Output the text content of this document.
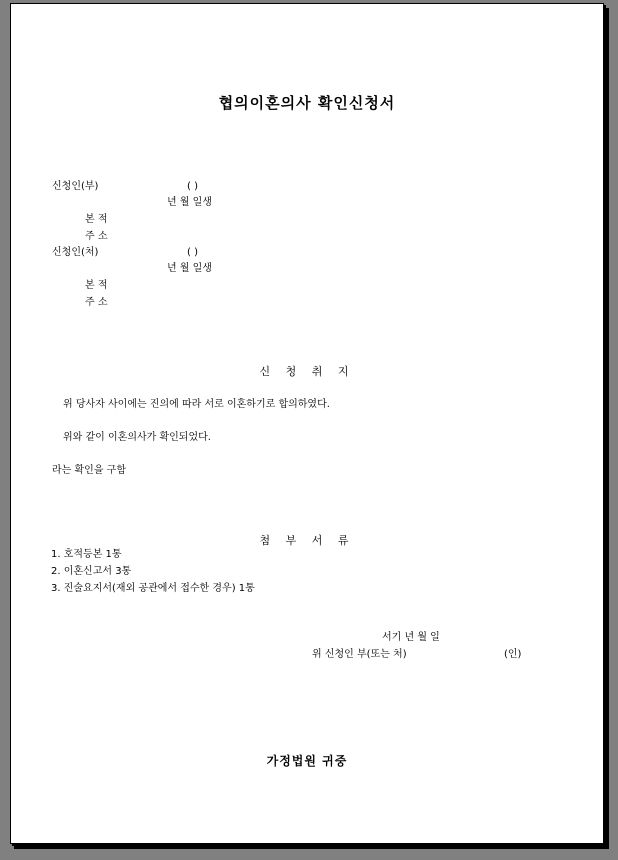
협의이혼의사 확인신청서
신청인(부)	( )
년 월 일생
본 적
주 소
신청인(처)	( )
년 월 일생
본 적
주 소
신 청 취 지
위 당사자 사이에는 진의에 따라 서로 이혼하기로 합의하였다.
위와 같이 이혼의사가 확인되었다.
라는 확인을 구함
첨 부 서 류
1. 호적등본 1통
2. 이혼신고서 3통
3. 진술요지서(재외 공관에서 접수한 경우) 1통
서기 년 월 일
위 신청인 부(또는 처)	(인)
가정법원 귀중
